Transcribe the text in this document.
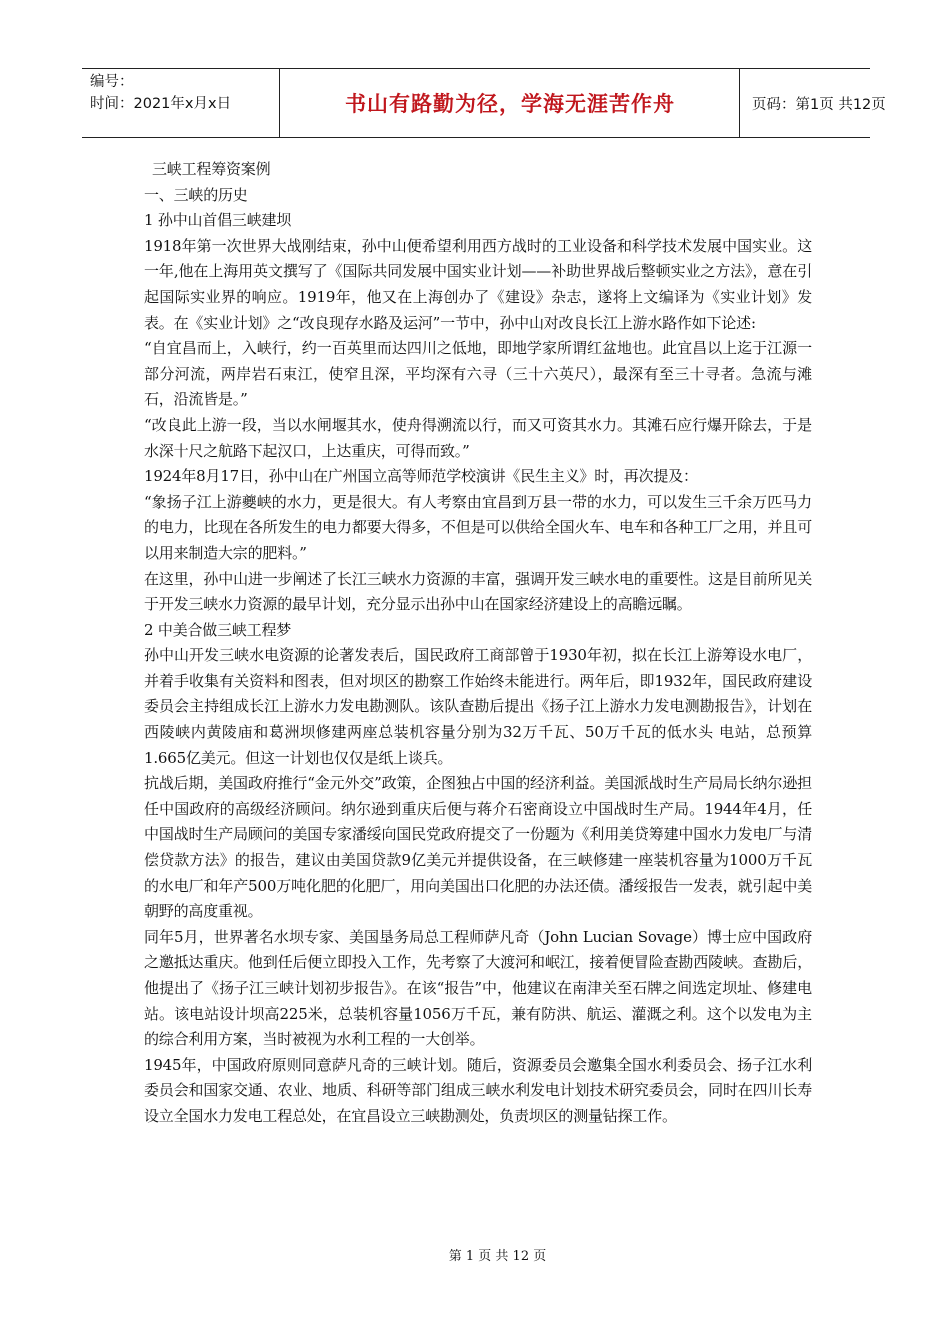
编号：
时间：2021年x月x日	书山有路勤为径，学海无涯苦作舟	页码：第1页 共12页

三峡工程筹资案例

一、三峡的历史

1 孙中山首倡三峡建坝

1918年第一次世界大战刚结束，孙中山便希望利用西方战时的工业设备和科学技术发展中国实业。这一年,他在上海用英文撰写了《国际共同发展中国实业计划——补助世界战后整顿实业之方法》，意在引起国际实业界的响应。1919年，他又在上海创办了《建设》杂志，遂将上文编译为《实业计划》发表。在《实业计划》之“改良现存水路及运河”一节中，孙中山对改良长江上游水路作如下论述:

“自宜昌而上，入峡行，约一百英里而达四川之低地，即地学家所谓红盆地也。此宜昌以上迄于江源一部分河流，两岸岩石束江，使窄且深，平均深有六寻（三十六英尺），最深有至三十寻者。急流与滩石，沿流皆是。”

“改良此上游一段，当以水闸堰其水，使舟得溯流以行，而又可资其水力。其滩石应行爆开除去，于是水深十尺之航路下起汉口，上达重庆，可得而致。”

1924年8月17日，孙中山在广州国立高等师范学校演讲《民生主义》时，再次提及：

“象扬子江上游夔峡的水力，更是很大。有人考察由宜昌到万县一带的水力，可以发生三千余万匹马力的电力，比现在各所发生的电力都要大得多，不但是可以供给全国火车、电车和各种工厂之用，并且可以用来制造大宗的肥料。”

在这里，孙中山进一步阐述了长江三峡水力资源的丰富，强调开发三峡水电的重要性。这是目前所见关于开发三峡水力资源的最早计划，充分显示出孙中山在国家经济建设上的高瞻远瞩。

2 中美合做三峡工程梦

孙中山开发三峡水电资源的论著发表后，国民政府工商部曾于1930年初，拟在长江上游筹设水电厂，并着手收集有关资料和图表，但对坝区的勘察工作始终未能进行。两年后，即1932年，国民政府建设委员会主持组成长江上游水力发电勘测队。该队查勘后提出《扬子江上游水力发电测勘报告》，计划在西陵峡内黄陵庙和葛洲坝修建两座总装机容量分别为32万千瓦、50万千瓦的低水头 电站，总预算1.665亿美元。但这一计划也仅仅是纸上谈兵。

抗战后期，美国政府推行“金元外交”政策，企图独占中国的经济利益。美国派战时生产局局长纳尔逊担任中国政府的高级经济顾问。纳尔逊到重庆后便与蒋介石密商设立中国战时生产局。1944年4月，任中国战时生产局顾问的美国专家潘绥向国民党政府提交了一份题为《利用美贷筹建中国水力发电厂与清偿贷款方法》的报告，建议由美国贷款9亿美元并提供设备，在三峡修建一座装机容量为1000万千瓦的水电厂和年产500万吨化肥的化肥厂，用向美国出口化肥的办法还债。潘绥报告一发表，就引起中美朝野的高度重视。

同年5月，世界著名水坝专家、美国垦务局总工程师萨凡奇（John Lucian Sovage）博士应中国政府之邀抵达重庆。他到任后便立即投入工作，先考察了大渡河和岷江，接着便冒险查勘西陵峡。查勘后，他提出了《扬子江三峡计划初步报告》。在该“报告”中，他建议在南津关至石牌之间选定坝址、修建电站。该电站设计坝高225米，总装机容量1056万千瓦，兼有防洪、航运、灌溉之利。这个以发电为主的综合利用方案，当时被视为水利工程的一大创举。

1945年，中国政府原则同意萨凡奇的三峡计划。随后，资源委员会邀集全国水利委员会、扬子江水利委员会和国家交通、农业、地质、科研等部门组成三峡水利发电计划技术研究委员会，同时在四川长寿设立全国水力发电工程总处，在宜昌设立三峡勘测处，负责坝区的测量钻探工作。

第 1 页 共 12 页
